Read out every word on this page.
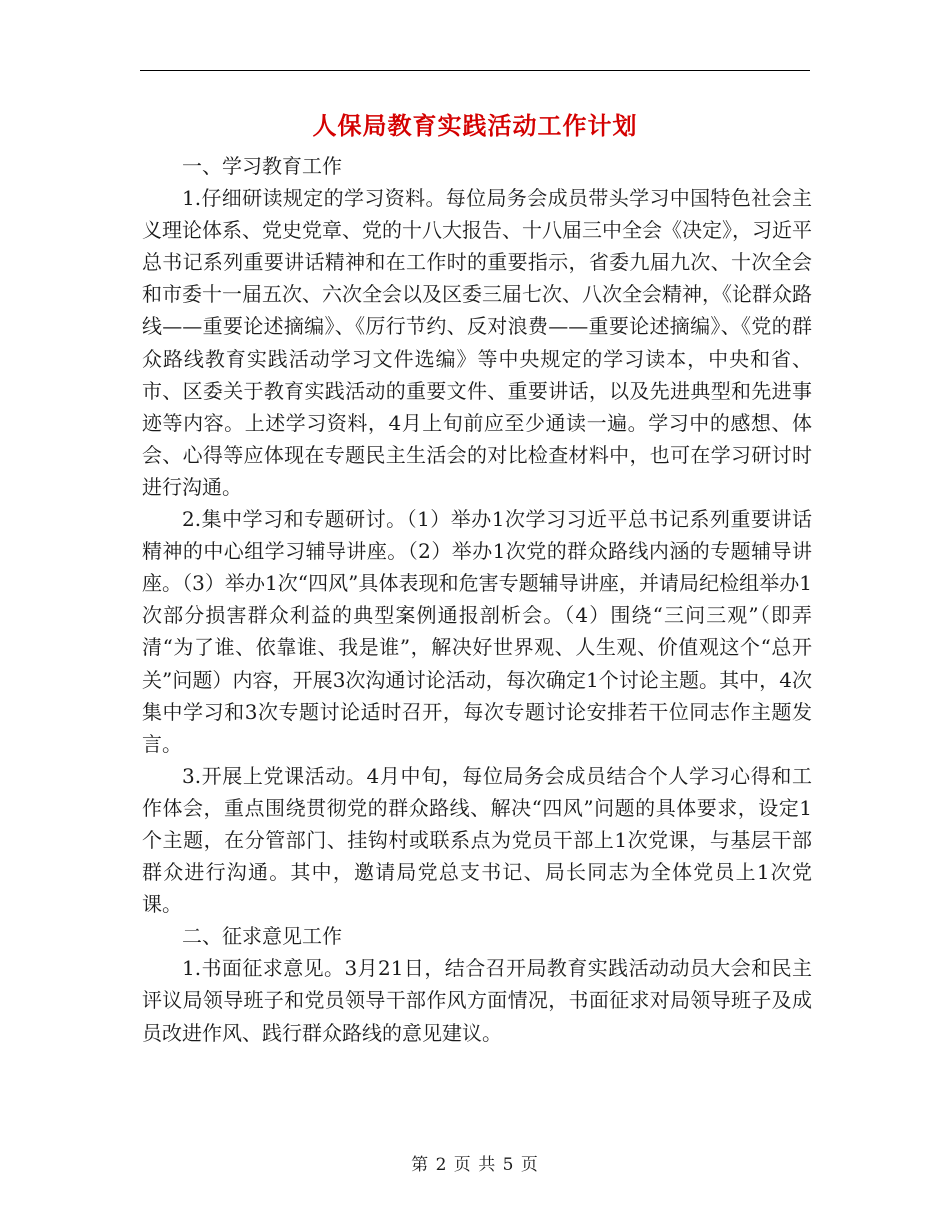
人保局教育实践活动工作计划

一、学习教育工作

1.仔细研读规定的学习资料。每位局务会成员带头学习中国特色社会主义理论体系、党史党章、党的十八大报告、十八届三中全会《决定》，习近平总书记系列重要讲话精神和在工作时的重要指示，省委九届九次、十次全会和市委十一届五次、六次全会以及区委三届七次、八次全会精神，《论群众路线——重要论述摘编》、《厉行节约、反对浪费——重要论述摘编》、《党的群众路线教育实践活动学习文件选编》等中央规定的学习读本，中央和省、市、区委关于教育实践活动的重要文件、重要讲话，以及先进典型和先进事迹等内容。上述学习资料，4月上旬前应至少通读一遍。学习中的感想、体会、心得等应体现在专题民主生活会的对比检查材料中，也可在学习研讨时进行沟通。

2.集中学习和专题研讨。（1）举办1次学习习近平总书记系列重要讲话精神的中心组学习辅导讲座。（2）举办1次党的群众路线内涵的专题辅导讲座。（3）举办1次“四风”具体表现和危害专题辅导讲座，并请局纪检组举办1次部分损害群众利益的典型案例通报剖析会。（4）围绕“三问三观”（即弄清“为了谁、依靠谁、我是谁”，解决好世界观、人生观、价值观这个“总开关”问题）内容，开展3次沟通讨论活动，每次确定1个讨论主题。其中，4次集中学习和3次专题讨论适时召开，每次专题讨论安排若干位同志作主题发言。

3.开展上党课活动。4月中旬，每位局务会成员结合个人学习心得和工作体会，重点围绕贯彻党的群众路线、解决“四风”问题的具体要求，设定1个主题，在分管部门、挂钩村或联系点为党员干部上1次党课，与基层干部群众进行沟通。其中，邀请局党总支书记、局长同志为全体党员上1次党课。

二、征求意见工作

1.书面征求意见。3月21日，结合召开局教育实践活动动员大会和民主评议局领导班子和党员领导干部作风方面情况，书面征求对局领导班子及成员改进作风、践行群众路线的意见建议。

第 2 页 共 5 页
